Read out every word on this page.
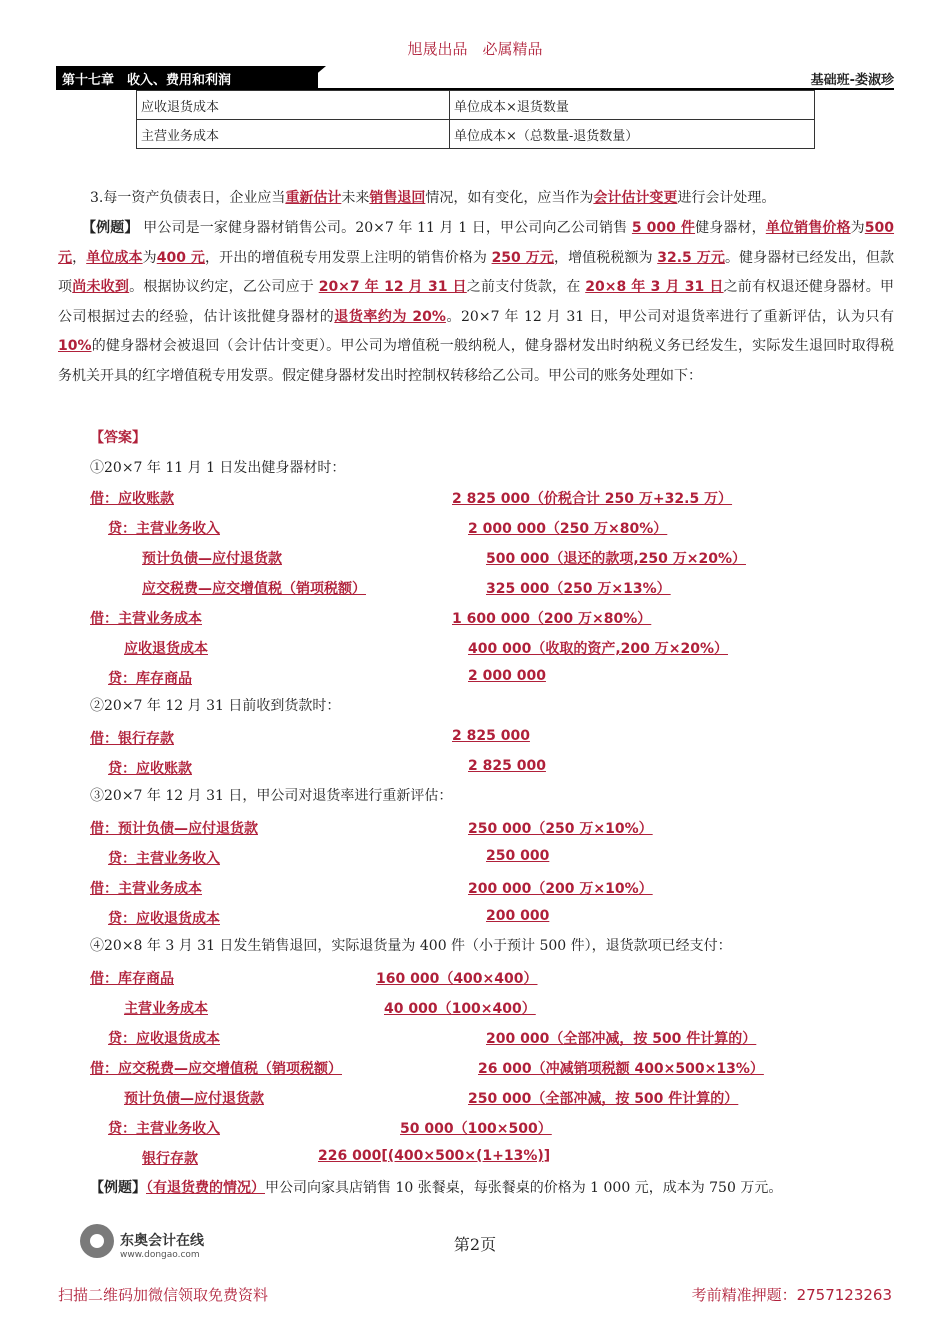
旭晟出品　必属精品
第十七章　收入、费用和利润	基础班-娄淑珍
应收退货成本	单位成本×退货数量
主营业务成本	单位成本×（总数量-退货数量）
3.每一资产负债表日，企业应当重新估计未来销售退回情况，如有变化，应当作为会计估计变更进行会计处理。
【例题】 甲公司是一家健身器材销售公司。20×7 年 11 月 1 日，甲公司向乙公司销售 5 000 件健身器材，单位销售价格为500 元，单位成本为400 元，开出的增值税专用发票上注明的销售价格为 250 万元，增值税税额为 32.5 万元。健身器材已经发出，但款项尚未收到。根据协议约定，乙公司应于 20×7 年 12 月 31 日之前支付货款，在 20×8 年 3 月 31 日之前有权退还健身器材。甲公司根据过去的经验，估计该批健身器材的退货率约为 20%。20×7 年 12 月 31 日，甲公司对退货率进行了重新评估，认为只有 10%的健身器材会被退回（会计估计变更）。甲公司为增值税一般纳税人，健身器材发出时纳税义务已经发生，实际发生退回时取得税务机关开具的红字增值税专用发票。假定健身器材发出时控制权转移给乙公司。甲公司的账务处理如下：
【答案】
①20×7 年 11 月 1 日发出健身器材时：
②20×7 年 12 月 31 日前收到货款时：
③20×7 年 12 月 31 日，甲公司对退货率进行重新评估：
④20×8 年 3 月 31 日发生销售退回，实际退货量为 400 件（小于预计 500 件），退货款项已经支付：
借：应收账款	2 825 000（价税合计 250 万+32.5 万）
贷：主营业务收入	2 000 000（250 万×80%）
预计负债—应付退货款	500 000（退还的款项,250 万×20%）
应交税费—应交增值税（销项税额）	325 000（250 万×13%）
借：主营业务成本	1 600 000（200 万×80%）
应收退货成本	400 000（收取的资产,200 万×20%）
贷：库存商品	2 000 000
借：银行存款	2 825 000
贷：应收账款	2 825 000
借：预计负债—应付退货款	250 000（250 万×10%）
贷：主营业务收入	250 000
借：主营业务成本	200 000（200 万×10%）
贷：应收退货成本	200 000
借：库存商品	160 000（400×400）
主营业务成本	40 000（100×400）
贷：应收退货成本	200 000（全部冲减，按 500 件计算的）
借：应交税费—应交增值税（销项税额）	26 000（冲减销项税额 400×500×13%）
预计负债—应付退货款	250 000（全部冲减，按 500 件计算的）
贷：主营业务收入	50 000（100×500）
银行存款	226 000[(400×500×(1+13%)]
【例题】（有退货费的情况）甲公司向家具店销售 10 张餐桌，每张餐桌的价格为 1 000 元，成本为 750 万元。
东奥会计在线
www.dongao.com
第2页
扫描二维码加微信领取免费资料	考前精准押题：2757123263
